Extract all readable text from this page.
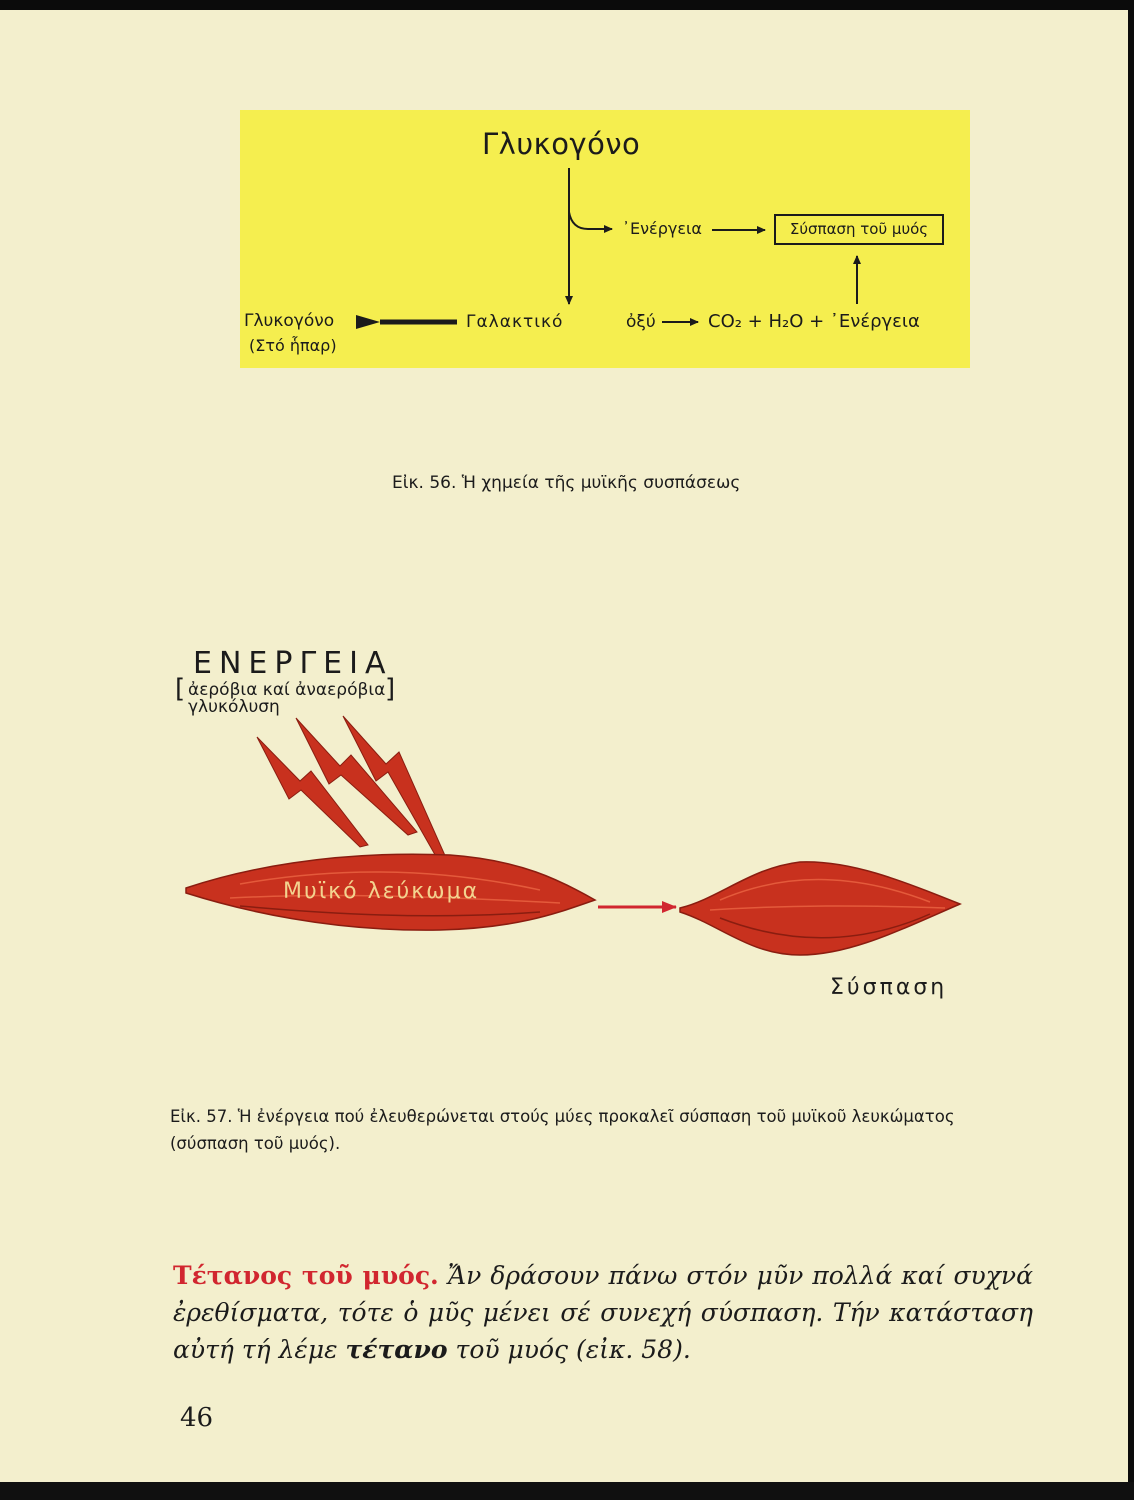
Γλυκογόνο
᾿Ενέργεια	Σύσπαση τοῦ μυός
Γλυκογόνο
(Στό ἧπαρ)
Γαλακτικό	ὀξύ	CO₂ + H₂O + ᾿Ενέργεια
Εἰκ. 56. Ἡ χημεία τῆς μυϊκῆς συσπάσεως
ΕΝΕΡΓΕΙΑ
[ ἀερόβια καί ἀναερόβια
γλυκόλυση
]
Μυϊκό λεύκωμα
Σύσπαση
Εἰκ. 57. Ἡ ἐνέργεια πού ἐλευθερώνεται στούς μύες προκαλεῖ σύσπαση τοῦ μυϊκοῦ λευκώματος (σύσπαση τοῦ μυός).
Τέτανος τοῦ μυός. Ἄν δράσουν πάνω στόν μῦν πολλά καί συχνά ἐρεθίσματα, τότε ὁ μῦς μένει σέ συνεχή σύσπαση. Τήν κατάσταση αὐτή τή λέμε τέτανο τοῦ μυός (εἰκ. 58).
46
